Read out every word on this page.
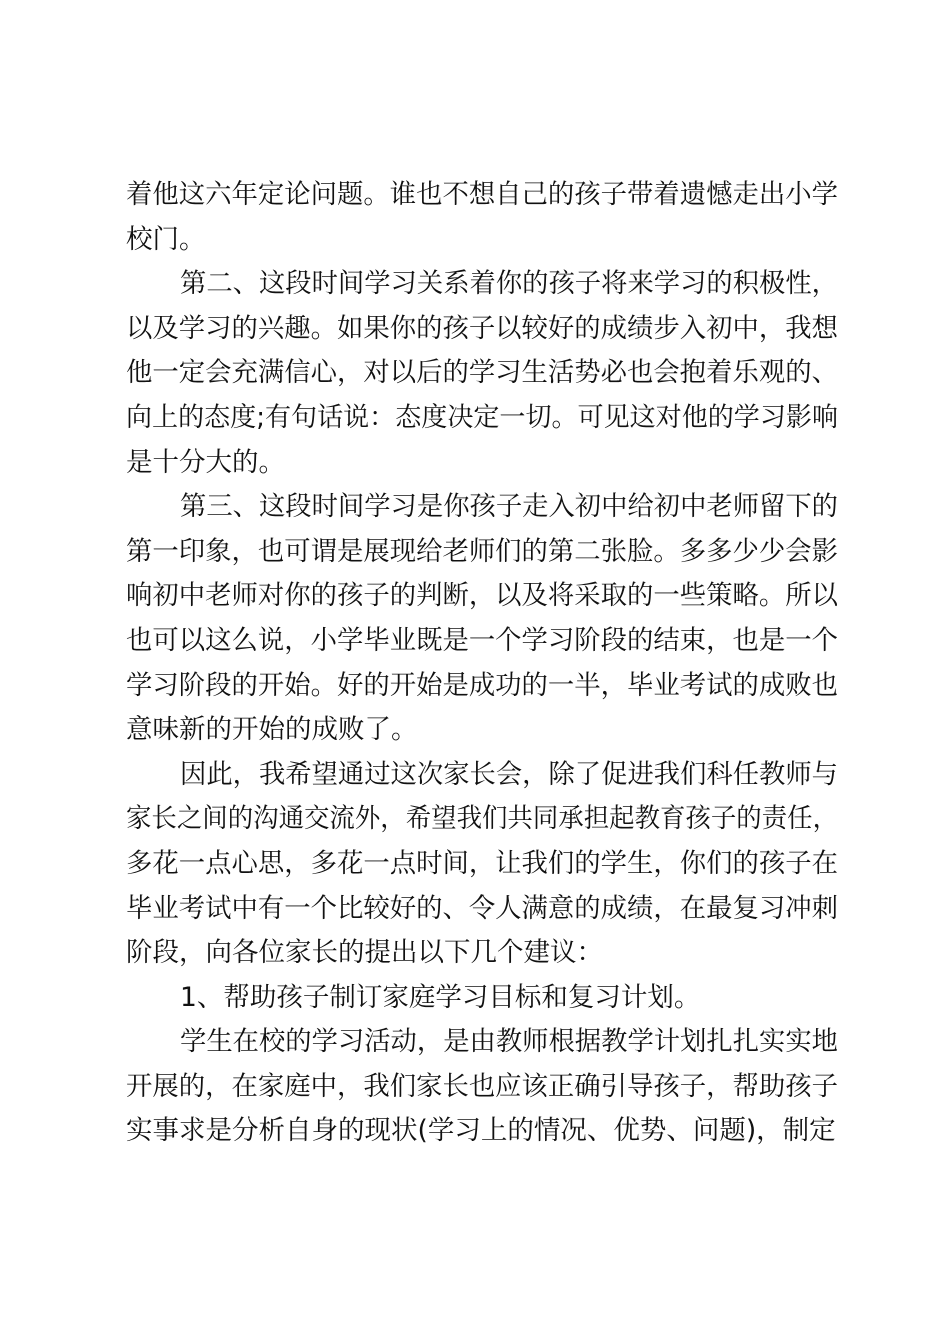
着他这六年定论问题。谁也不想自己的孩子带着遗憾走出小学
校门。
第二、这段时间学习关系着你的孩子将来学习的积极性，
以及学习的兴趣。如果你的孩子以较好的成绩步入初中，我想
他一定会充满信心，对以后的学习生活势必也会抱着乐观的、
向上的态度;有句话说：态度决定一切。可见这对他的学习影响
是十分大的。
第三、这段时间学习是你孩子走入初中给初中老师留下的
第一印象，也可谓是展现给老师们的第二张脸。多多少少会影
响初中老师对你的孩子的判断，以及将采取的一些策略。所以
也可以这么说，小学毕业既是一个学习阶段的结束，也是一个
学习阶段的开始。好的开始是成功的一半，毕业考试的成败也
意味新的开始的成败了。
因此，我希望通过这次家长会，除了促进我们科任教师与
家长之间的沟通交流外，希望我们共同承担起教育孩子的责任，
多花一点心思，多花一点时间，让我们的学生，你们的孩子在
毕业考试中有一个比较好的、令人满意的成绩，在最复习冲刺
阶段，向各位家长的提出以下几个建议：
1、帮助孩子制订家庭学习目标和复习计划。
学生在校的学习活动，是由教师根据教学计划扎扎实实地
开展的，在家庭中，我们家长也应该正确引导孩子，帮助孩子
实事求是分析自身的现状(学习上的情况、优势、问题)，制定
